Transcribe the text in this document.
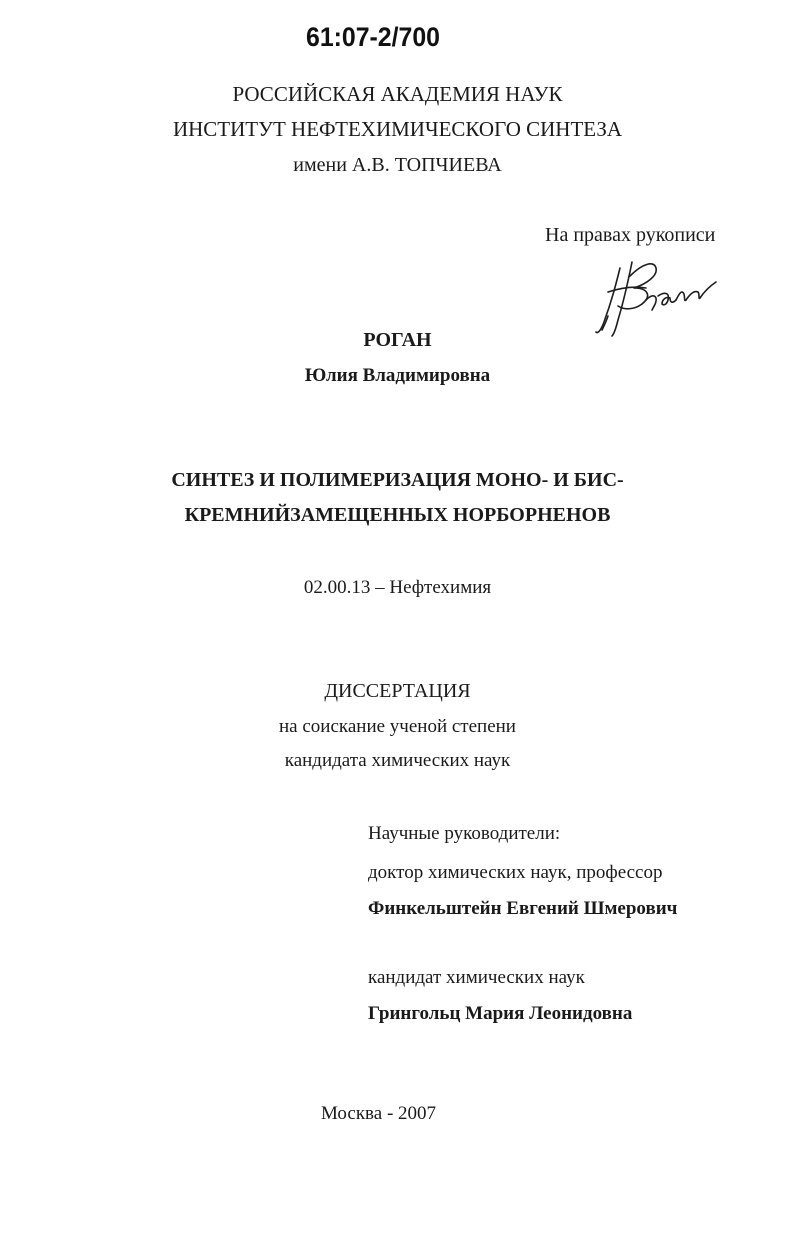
61:07-2/700
РОССИЙСКАЯ АКАДЕМИЯ НАУК
ИНСТИТУТ НЕФТЕХИМИЧЕСКОГО СИНТЕЗА
имени А.В. ТОПЧИЕВА
На правах рукописи
РОГАН
Юлия Владимировна
СИНТЕЗ И ПОЛИМЕРИЗАЦИЯ МОНО- И БИС-
КРЕМНИЙЗАМЕЩЕННЫХ НОРБОРНЕНОВ
02.00.13 – Нефтехимия
ДИССЕРТАЦИЯ
на соискание ученой степени
кандидата химических наук
Научные руководители:
доктор химических наук, профессор
Финкельштейн Евгений Шмерович
кандидат химических наук
Грингольц Мария Леонидовна
Москва - 2007
